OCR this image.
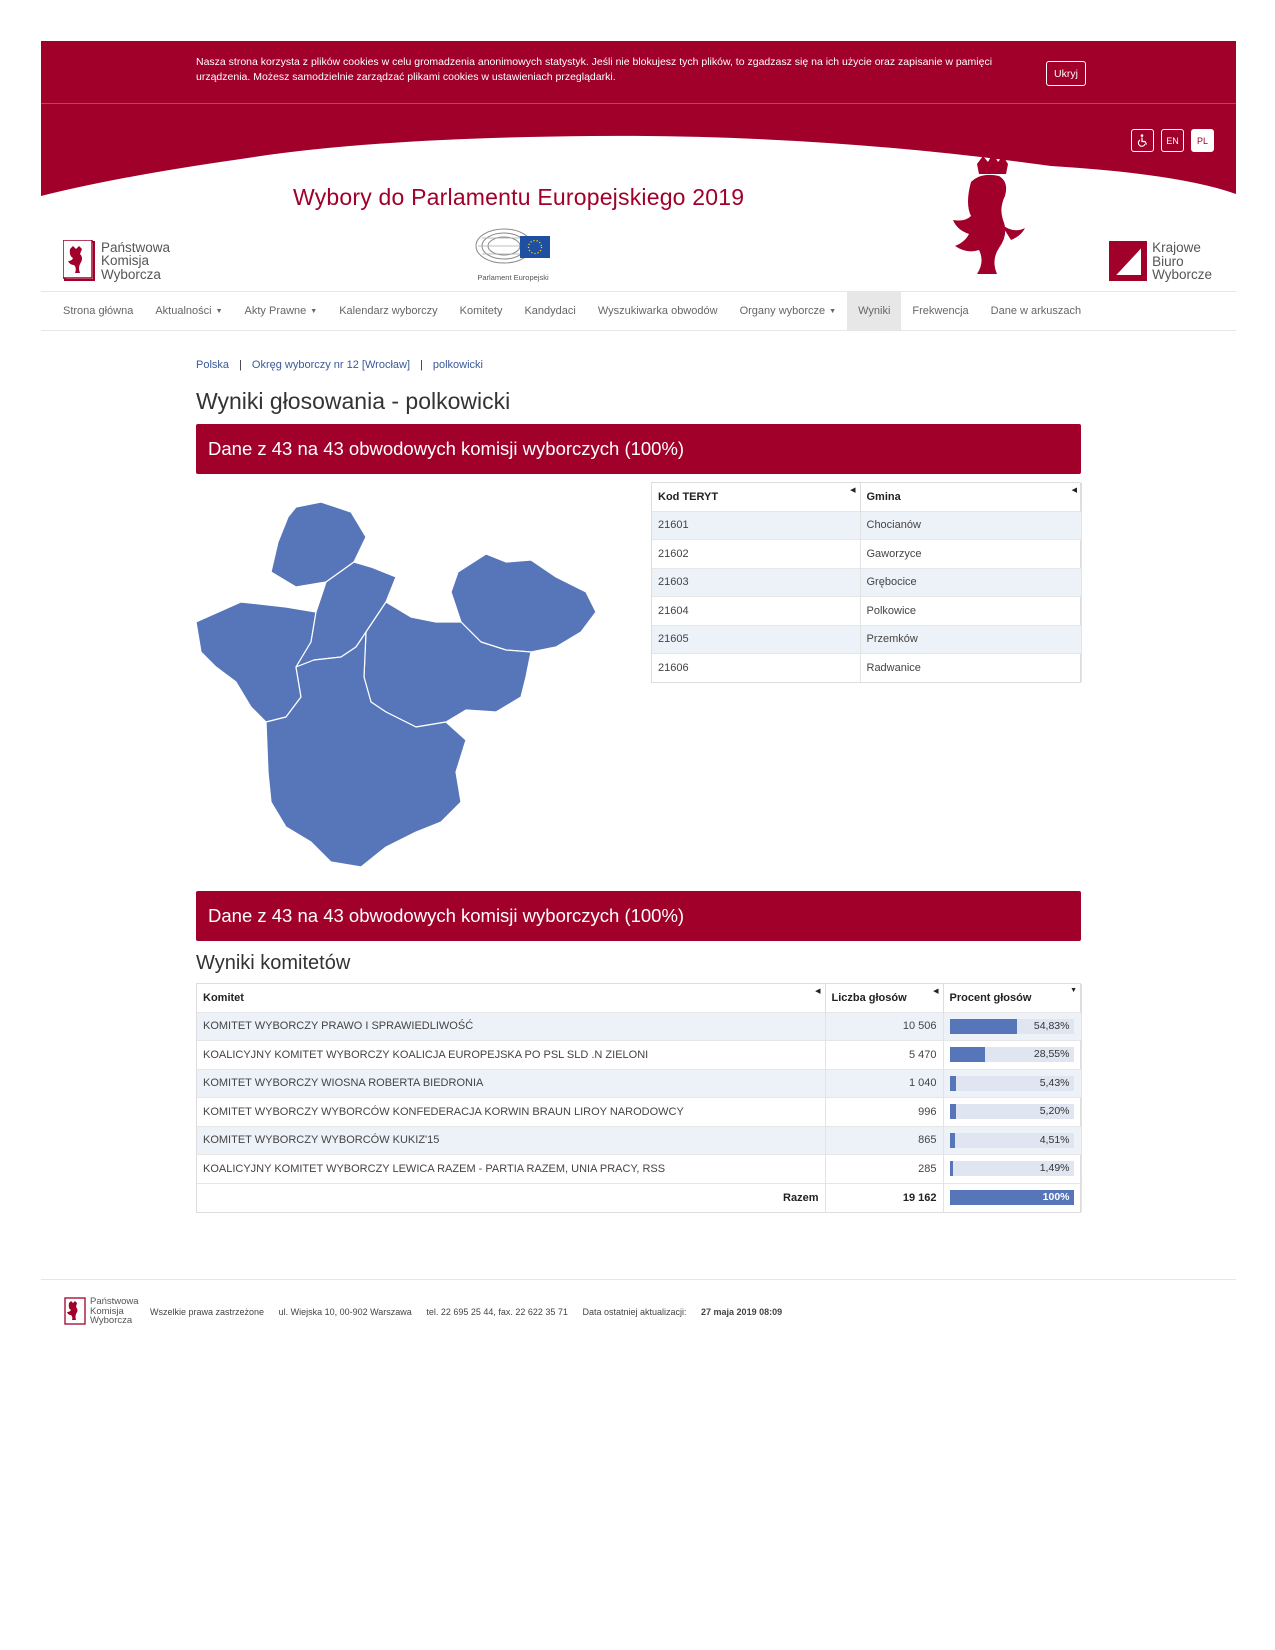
Nasza strona korzysta z plików cookies w celu gromadzenia anonimowych statystyk. Jeśli nie blokujesz tych plików, to zgadzasz się na ich użycie oraz zapisanie w pamięci urządzenia. Możesz samodzielnie zarządzać plikami cookies w ustawieniach przeglądarki.	Ukryj
EN	PL
Wybory do Parlamentu Europejskiego 2019
Państwowa
Komisja
Wyborcza	Parlament Europejski
Krajowe
Biuro
Wyborcze
Strona główna	Aktualności ▼	Akty Prawne ▼	Kalendarz wyborczy	Komitety	Kandydaci	Wyszukiwarka obwodów	Organy wyborcze ▼	Wyniki	Frekwencja	Dane w arkuszach
Polska | Okręg wyborczy nr 12 [Wrocław] | polkowicki
Wyniki głosowania - polkowicki
Dane z 43 na 43 obwodowych komisji wyborczych (100%)
Kod TERYT
◀	Gmina
◀

21601	Chocianów
21602	Gaworzyce
21603	Grębocice
21604	Polkowice
21605	Przemków
21606	Radwanice
Dane z 43 na 43 obwodowych komisji wyborczych (100%)
Wyniki komitetów
Komitet
◀	Liczba głosów
◀	Procent głosów
▼

KOMITET WYBORCZY PRAWO I SPRAWIEDLIWOŚĆ	10 506	54,83%

KOALICYJNY KOMITET WYBORCZY KOALICJA EUROPEJSKA PO PSL SLD .N ZIELONI	5 470	28,55%

KOMITET WYBORCZY WIOSNA ROBERTA BIEDRONIA	1 040	5,43%

KOMITET WYBORCZY WYBORCÓW KONFEDERACJA KORWIN BRAUN LIROY NARODOWCY	996	5,20%

KOMITET WYBORCZY WYBORCÓW KUKIZ'15	865	4,51%

KOALICYJNY KOMITET WYBORCZY LEWICA RAZEM - PARTIA RAZEM, UNIA PRACY, RSS	285	1,49%

Razem	19 162	100%
Państwowa
Komisja
Wyborcza
Wszelkie prawa zastrzeżone ul. Wiejska 10, 00-902 Warszawa tel. 22 695 25 44, fax. 22 622 35 71 Data ostatniej aktualizacji: 27 maja 2019 08:09
